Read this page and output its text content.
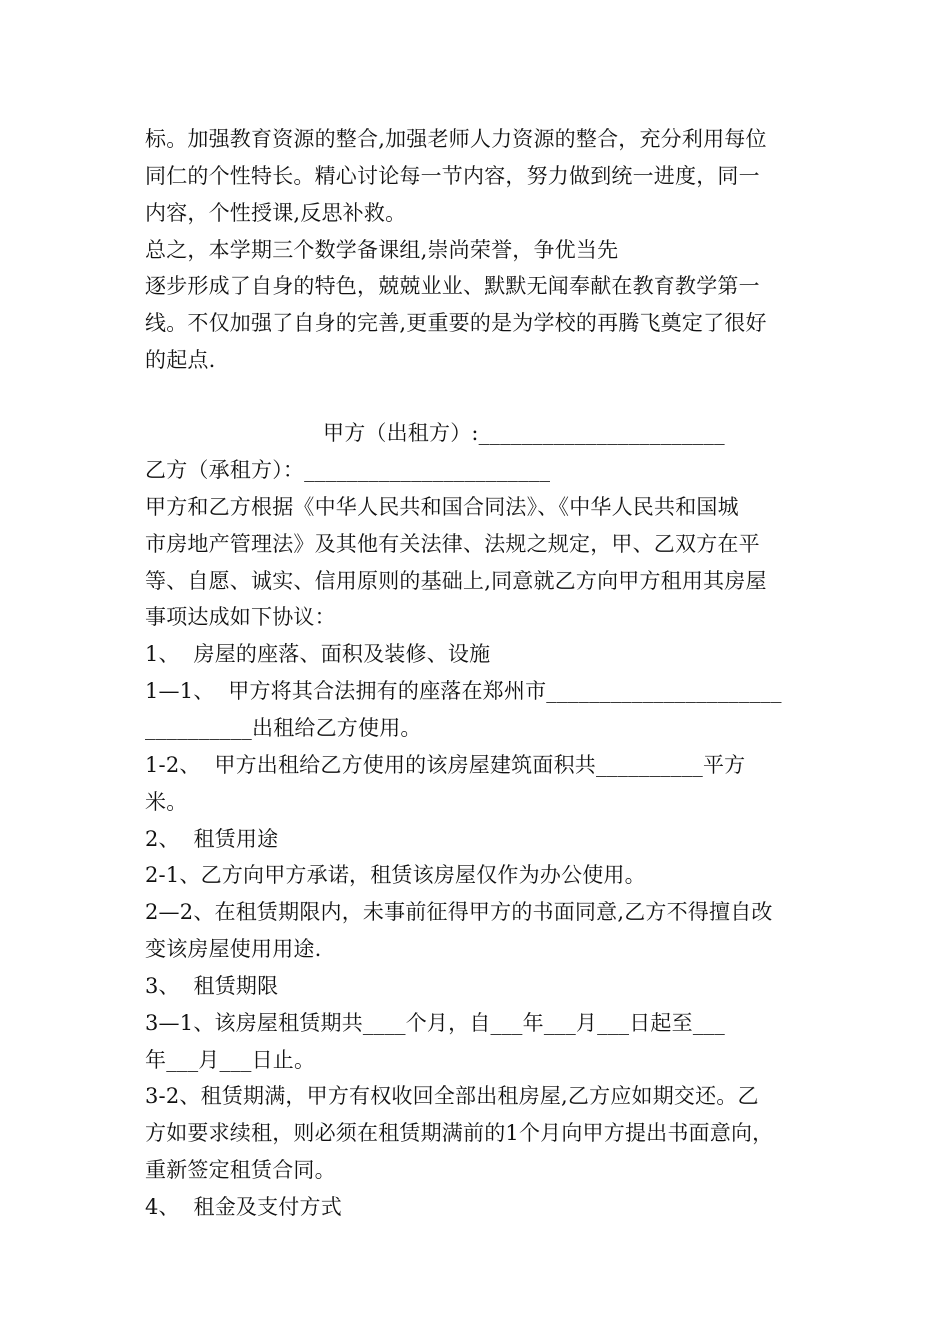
标。加强教育资源的整合,加强老师人力资源的整合，充分利用每位
同仁的个性特长。精心讨论每一节内容，努力做到统一进度，同一
内容，个性授课,反思补救。
总之，本学期三个数学备课组,崇尚荣誉，争优当先
逐步形成了自身的特色，兢兢业业、默默无闻奉献在教育教学第一
线。不仅加强了自身的完善,更重要的是为学校的再腾飞奠定了很好
的起点.
甲方（出租方）:_______________________
乙方（承租方）：_______________________
甲方和乙方根据《中华人民共和国合同法》、《中华人民共和国城
市房地产管理法》及其他有关法律、法规之规定，甲、乙双方在平
等、自愿、诚实、信用原则的基础上,同意就乙方向甲方租用其房屋
事项达成如下协议：
1、  房屋的座落、面积及装修、设施
1—1、  甲方将其合法拥有的座落在郑州市______________________
__________出租给乙方使用。
1-2、  甲方出租给乙方使用的该房屋建筑面积共__________平方
米。
2、  租赁用途
2-1、乙方向甲方承诺，租赁该房屋仅作为办公使用。
2—2、在租赁期限内，未事前征得甲方的书面同意,乙方不得擅自改
变该房屋使用用途.
3、  租赁期限
3—1、该房屋租赁期共____个月，自___年___月___日起至___
年___月___日止。
3-2、租赁期满，甲方有权收回全部出租房屋,乙方应如期交还。乙
方如要求续租，则必须在租赁期满前的1个月向甲方提出书面意向，
重新签定租赁合同。
4、  租金及支付方式
